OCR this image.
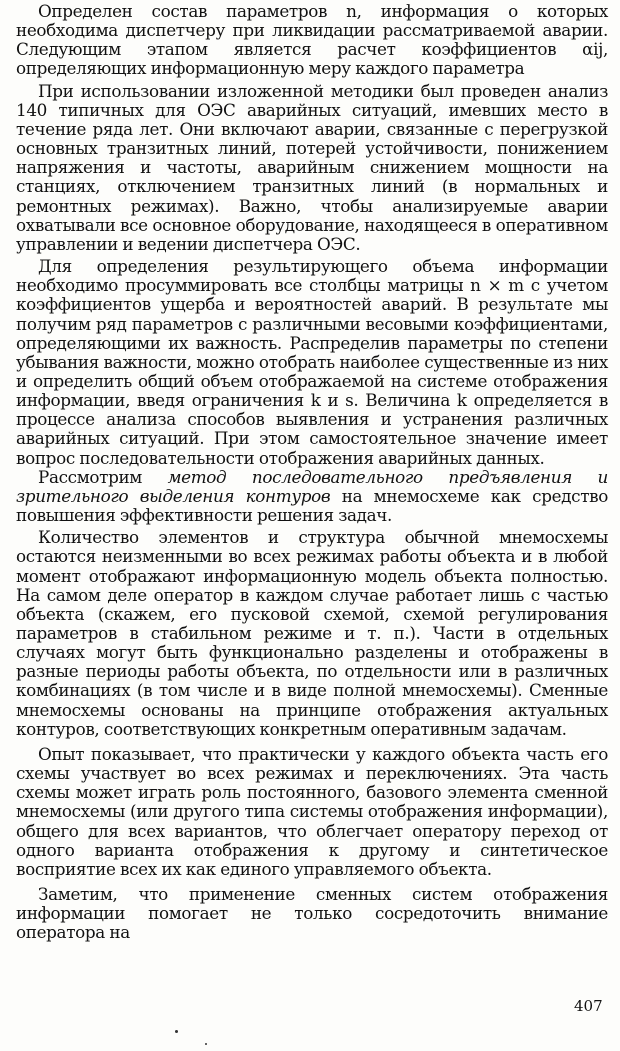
Определен состав параметров n, информация о которых необходима диспетчеру при ликвидации рассматриваемой аварии. Следующим этапом является расчет коэффициентов αij, определяющих информационную меру каждого параметра

При использовании изложенной методики был проведен анализ 140 типичных для ОЭС аварийных ситуаций, имевших место в течение ряда лет. Они включают аварии, связанные с перегрузкой основных транзитных линий, потерей устойчивости, понижением напряжения и частоты, аварийным снижением мощности на станциях, отключением транзитных линий (в нормальных и ремонтных режимах). Важно, чтобы анализируемые аварии охватывали все основное оборудование, находящееся в оперативном управлении и ведении диспетчера ОЭС.

Для определения результирующего объема информации необходимо просуммировать все столбцы матрицы n × m с учетом коэффициентов ущерба и вероятностей аварий. В результате мы получим ряд параметров с различными весовыми коэффициентами, определяющими их важность. Распределив параметры по степени убывания важности, можно отобрать наиболее существенные из них и определить общий объем отображаемой на системе отображения информации, введя ограничения k и s. Величина k определяется в процессе анализа способов выявления и устранения различных аварийных ситуаций. При этом самостоятельное значение имеет вопрос последовательности отображения аварийных данных.

Рассмотрим метод последовательного предъявления и зрительного выделения контуров на мнемосхеме как средство повышения эффективности решения задач.

Количество элементов и структура обычной мнемосхемы остаются неизменными во всех режимах работы объекта и в любой момент отображают информационную модель объекта полностью. На самом деле оператор в каждом случае работает лишь с частью объекта (скажем, его пусковой схемой, схемой регулирования параметров в стабильном режиме и т. п.). Части в отдельных случаях могут быть функционально разделены и отображены в разные периоды работы объекта, по отдельности или в различных комбинациях (в том числе и в виде полной мнемосхемы). Сменные мнемосхемы основаны на принципе отображения актуальных контуров, соответствующих конкретным оперативным задачам.

Опыт показывает, что практически у каждого объекта часть его схемы участвует во всех режимах и переключениях. Эта часть схемы может играть роль постоянного, базового элемента сменной мнемосхемы (или другого типа системы отображения информации), общего для всех вариантов, что облегчает оператору переход от одного варианта отображения к другому и синтетическое восприятие всех их как единого управляемого объекта.

Заметим, что применение сменных систем отображения информации помогает не только сосредоточить внимание оператора на

407
